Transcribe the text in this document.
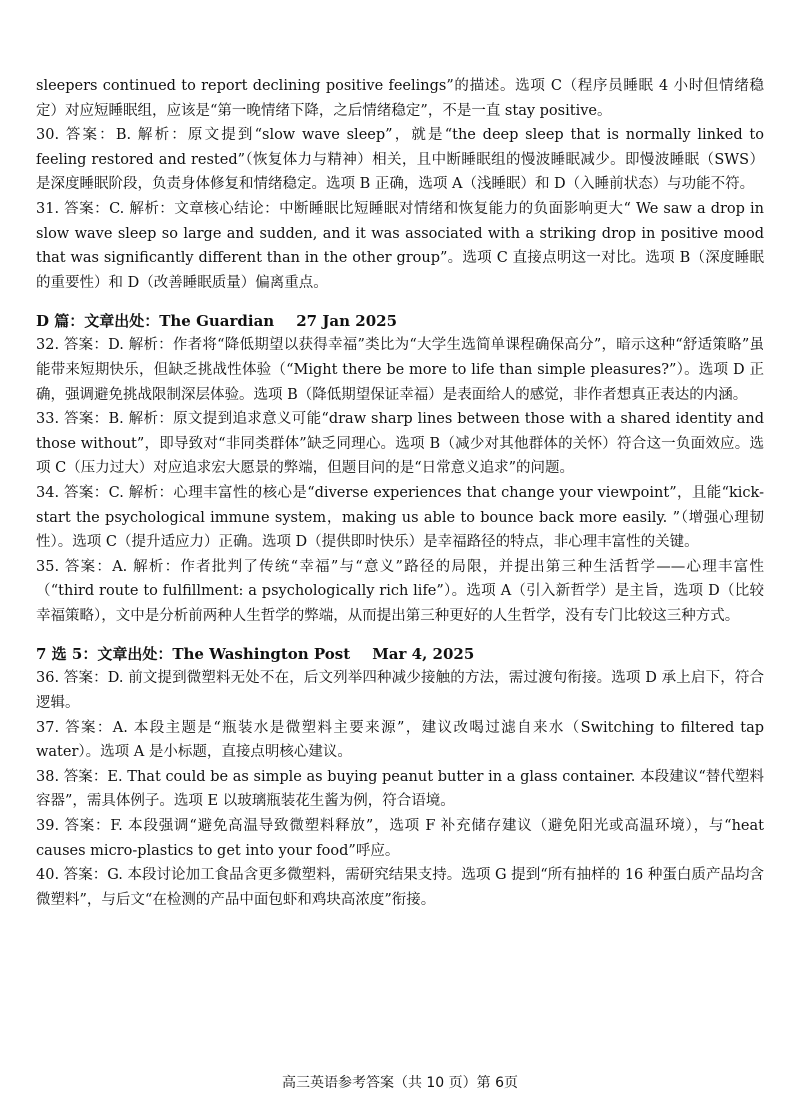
sleepers continued to report declining positive feelings”的描述。选项 C（程序员睡眠 4 小时但情绪稳定）对应短睡眠组，应该是“第一晚情绪下降，之后情绪稳定”，不是一直 stay positive。

30. 答案：B. 解析：原文提到“slow wave sleep”，就是“the deep sleep that is normally linked to feeling restored and rested”（恢复体力与精神）相关，且中断睡眠组的慢波睡眠减少。即慢波睡眠（SWS）是深度睡眠阶段，负责身体修复和情绪稳定。选项 B 正确，选项 A（浅睡眠）和 D（入睡前状态）与功能不符。

31. 答案：C. 解析：文章核心结论：中断睡眠比短睡眠对情绪和恢复能力的负面影响更大“ We saw a drop in slow wave sleep so large and sudden, and it was associated with a striking drop in positive mood that was significantly different than in the other group”。选项 C 直接点明这一对比。选项 B（深度睡眠的重要性）和 D（改善睡眠质量）偏离重点。

D 篇：文章出处：The Guardian 27 Jan 2025

32. 答案：D. 解析：作者将“降低期望以获得幸福”类比为“大学生选简单课程确保高分”，暗示这种“舒适策略”虽能带来短期快乐，但缺乏挑战性体验（“Might there be more to life than simple pleasures?”）。选项 D 正确，强调避免挑战限制深层体验。选项 B（降低期望保证幸福）是表面给人的感觉，非作者想真正表达的内涵。

33. 答案：B. 解析：原文提到追求意义可能“draw sharp lines between those with a shared identity and those without”，即导致对“非同类群体”缺乏同理心。选项 B（减少对其他群体的关怀）符合这一负面效应。选项 C（压力过大）对应追求宏大愿景的弊端，但题目问的是“日常意义追求”的问题。

34. 答案：C. 解析：心理丰富性的核心是“diverse experiences that change your viewpoint”，且能“kick-start the psychological immune system，making us able to bounce back more easily. ”（增强心理韧性）。选项 C（提升适应力）正确。选项 D（提供即时快乐）是幸福路径的特点，非心理丰富性的关键。

35. 答案：A. 解析：作者批判了传统“幸福”与“意义”路径的局限，并提出第三种生活哲学——心理丰富性（“third route to fulfillment: a psychologically rich life”）。选项 A（引入新哲学）是主旨，选项 D（比较幸福策略），文中是分析前两种人生哲学的弊端，从而提出第三种更好的人生哲学，没有专门比较这三种方式。

7 选 5：文章出处：The Washington Post Mar 4, 2025

36. 答案：D. 前文提到微塑料无处不在，后文列举四种减少接触的方法，需过渡句衔接。选项 D 承上启下，符合逻辑。

37. 答案：A. 本段主题是“瓶装水是微塑料主要来源”，建议改喝过滤自来水（Switching to filtered tap water）。选项 A 是小标题，直接点明核心建议。

38. 答案：E. That could be as simple as buying peanut butter in a glass container. 本段建议“替代塑料容器”，需具体例子。选项 E 以玻璃瓶装花生酱为例，符合语境。

39. 答案：F. 本段强调“避免高温导致微塑料释放”，选项 F 补充储存建议（避免阳光或高温环境），与“heat causes micro-plastics to get into your food”呼应。

40. 答案：G. 本段讨论加工食品含更多微塑料，需研究结果支持。选项 G 提到“所有抽样的 16 种蛋白质产品均含微塑料”，与后文“在检测的产品中面包虾和鸡块高浓度”衔接。

高三英语参考答案（共 10 页）第 6页
